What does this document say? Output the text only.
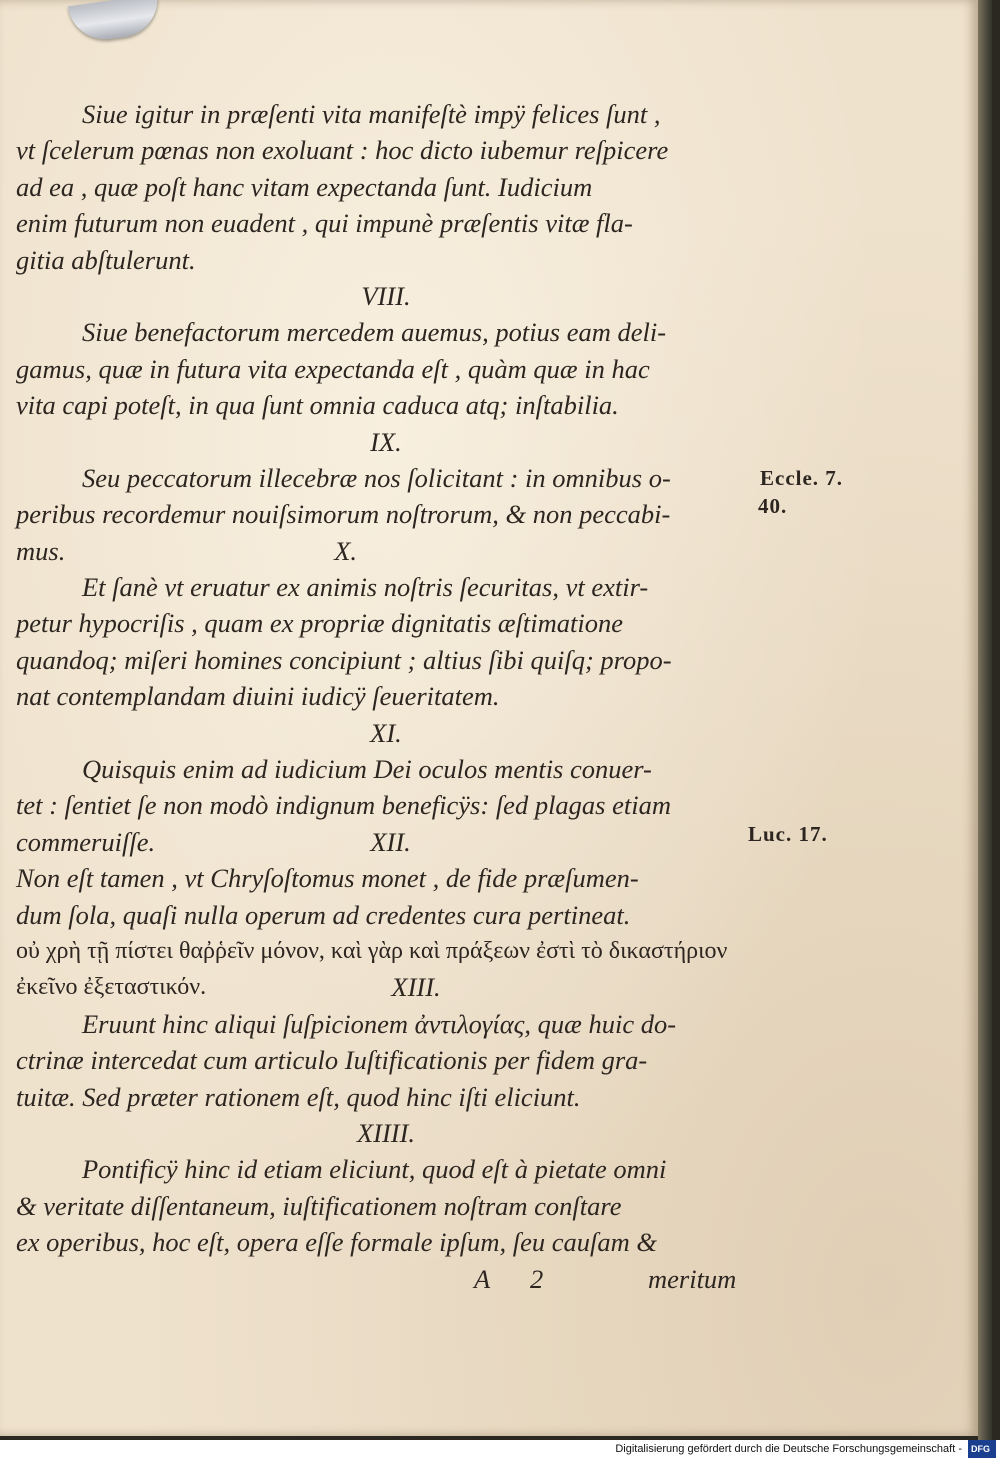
Siue igitur in præſenti vita manifeſtè impÿ felices ſunt ,
vt ſcelerum pœnas non exoluant : hoc dicto iubemur reſpicere
ad ea , quæ poſt hanc vitam expectanda ſunt. Iudicium
enim futurum non euadent , qui impunè præſentis vitæ fla-
gitia abſtulerunt.
VIII.
Siue benefactorum mercedem auemus, potius eam deli-
gamus, quæ in futura vita expectanda eſt , quàm quæ in hac
vita capi poteſt, in qua ſunt omnia caduca atq; inſtabilia.
IX.
Seu peccatorum illecebræ nos ſolicitant : in omnibus o-
peribus recordemur nouiſsimorum noſtrorum, & non peccabi-
mus.	X.
Et ſanè vt eruatur ex animis noſtris ſecuritas, vt extir-
petur hypocriſis , quam ex propriæ dignitatis æſtimatione
quandoq; miſeri homines concipiunt ; altius ſibi quiſq; propo-
nat contemplandam diuini iudicÿ ſeueritatem.
XI.
Quisquis enim ad iudicium Dei oculos mentis conuer-
tet : ſentiet ſe non modò indignum beneficÿs: ſed plagas etiam
commeruiſſe.	XII.
Non eſt tamen , vt Chryſoſtomus monet , de fide præſumen-
dum ſola, quaſi nulla operum ad credentes cura pertineat.
οὐ χρὴ τῇ πίστει θαῤῥεῖν μόνον, καὶ γὰρ καὶ πράξεων ἐστὶ τὸ δικαστήριον
ἐκεῖνο ἐξεταστικόν.	XIII.
Eruunt hinc aliqui ſuſpicionem ἀντιλογίας, quæ huic do-
ctrinæ intercedat cum articulo Iuſtificationis per fidem gra-
tuitæ. Sed præter rationem eſt, quod hinc iſti eliciunt.
XIIII.
Pontificÿ hinc id etiam eliciunt, quod eſt à pietate omni
& veritate diſſentaneum, iuſtificationem noſtram conſtare
ex operibus, hoc eſt, opera eſſe formale ipſum, ſeu cauſam &
A 2	meritum
Eccle. 7.
40.
Luc. 17.
Digitalisierung gefördert durch die Deutsche Forschungsgemeinschaft - DFG
